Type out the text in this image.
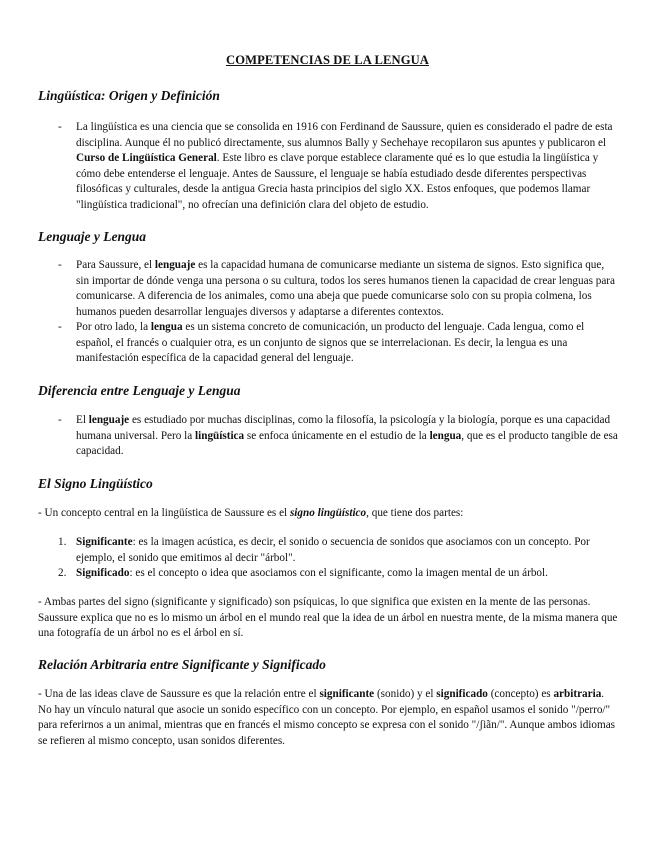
COMPETENCIAS DE LA LENGUA
Lingüística: Origen y Definición
- La lingüística es una ciencia que se consolida en 1916 con Ferdinand de Saussure, quien es considerado el padre de esta disciplina. Aunque él no publicó directamente, sus alumnos Bally y Sechehaye recopilaron sus apuntes y publicaron el Curso de Lingüística General. Este libro es clave porque establece claramente qué es lo que estudia la lingüística y cómo debe entenderse el lenguaje. Antes de Saussure, el lenguaje se había estudiado desde diferentes perspectivas filosóficas y culturales, desde la antigua Grecia hasta principios del siglo XX. Estos enfoques, que podemos llamar "lingüística tradicional", no ofrecían una definición clara del objeto de estudio.
Lenguaje y Lengua
- Para Saussure, el lenguaje es la capacidad humana de comunicarse mediante un sistema de signos. Esto significa que, sin importar de dónde venga una persona o su cultura, todos los seres humanos tienen la capacidad de crear lenguas para comunicarse. A diferencia de los animales, como una abeja que puede comunicarse solo con su propia colmena, los humanos pueden desarrollar lenguajes diversos y adaptarse a diferentes contextos.
- Por otro lado, la lengua es un sistema concreto de comunicación, un producto del lenguaje. Cada lengua, como el español, el francés o cualquier otra, es un conjunto de signos que se interrelacionan. Es decir, la lengua es una manifestación específica de la capacidad general del lenguaje.
Diferencia entre Lenguaje y Lengua
- El lenguaje es estudiado por muchas disciplinas, como la filosofía, la psicología y la biología, porque es una capacidad humana universal. Pero la lingüística se enfoca únicamente en el estudio de la lengua, que es el producto tangible de esa capacidad.
El Signo Lingüístico

- Un concepto central en la lingüística de Saussure es el signo lingüístico, que tiene dos partes:

1. Significante: es la imagen acústica, es decir, el sonido o secuencia de sonidos que asociamos con un concepto. Por ejemplo, el sonido que emitimos al decir "árbol".
2. Significado: es el concepto o idea que asociamos con el significante, como la imagen mental de un árbol.

- Ambas partes del signo (significante y significado) son psíquicas, lo que significa que existen en la mente de las personas. Saussure explica que no es lo mismo un árbol en el mundo real que la idea de un árbol en nuestra mente, de la misma manera que una fotografía de un árbol no es el árbol en sí.

Relación Arbitraria entre Significante y Significado

- Una de las ideas clave de Saussure es que la relación entre el significante (sonido) y el significado (concepto) es arbitraria. No hay un vínculo natural que asocie un sonido específico con un concepto. Por ejemplo, en español usamos el sonido "/perro/" para referirnos a un animal, mientras que en francés el mismo concepto se expresa con el sonido "/ʃiãn/". Aunque ambos idiomas se refieren al mismo concepto, usan sonidos diferentes.
